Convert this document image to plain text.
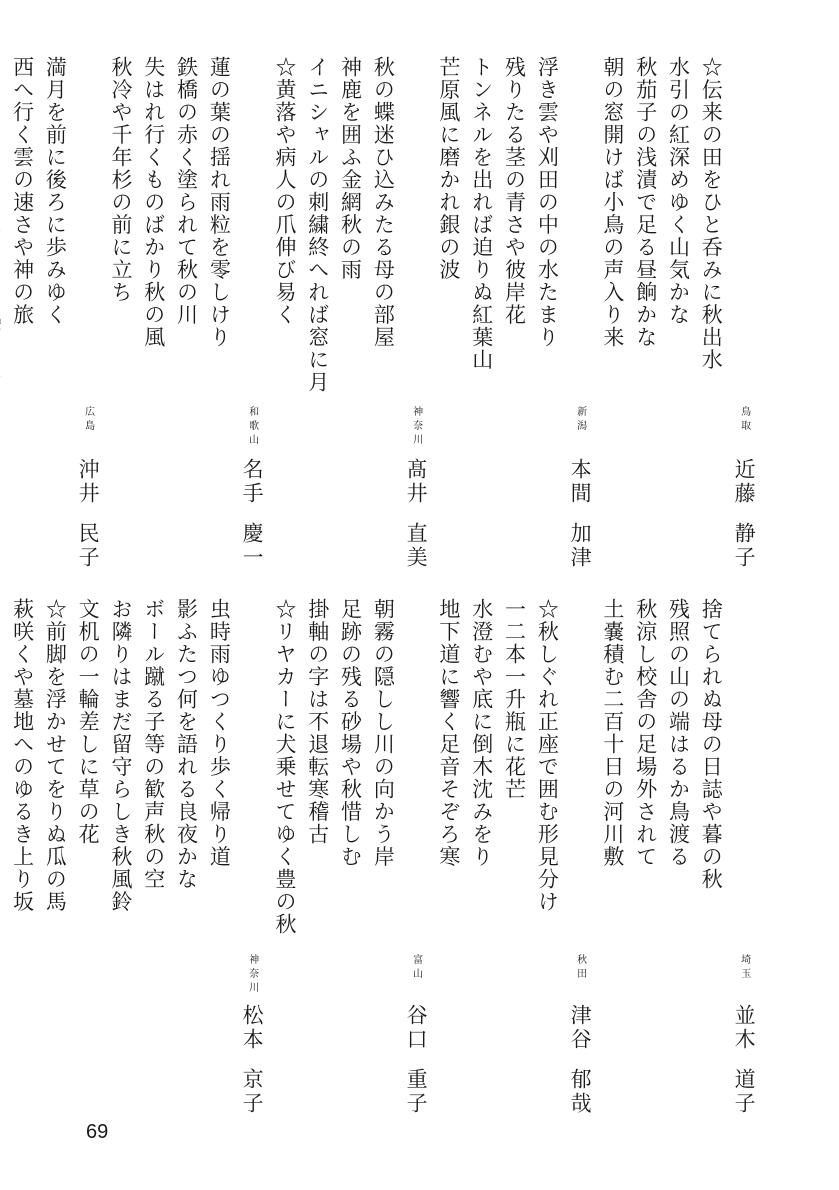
鳥取
近藤
静子
☆伝来の田をひと呑みに秋出水
水引の紅深めゆく山気かな
秋茄子の浅漬で足る昼餉かな
朝の窓開けば小鳥の声入り来
新潟
本間
加津
浮き雲や刈田の中の水たまり
残りたる茎の青さや彼岸花
トンネルを出れば迫りぬ紅葉山
芒原風に磨かれ銀の波
神奈川
髙井
直美
秋の蝶迷ひ込みたる母の部屋
神鹿を囲ふ金網秋の雨
イニシャルの刺繍終へれば窓に月
☆黄落や病人の爪伸び易く
和歌山
名手
慶一
蓮の葉の揺れ雨粒を零しけり
鉄橋の赤く塗られて秋の川
失はれ行くものばかり秋の風
秋冷や千年杉の前に立ち
広島
沖井
民子
満月を前に後ろに歩みゆく
西へ行く雲の速さや神の旅
埼玉
並木
道子
捨てられぬ母の日誌や暮の秋
残照の山の端はるか鳥渡る
秋涼し校舎の足場外されて
土嚢積む二百十日の河川敷
秋田
津谷
郁哉
☆秋しぐれ正座で囲む形見分け
一二本一升瓶に花芒
水澄むや底に倒木沈みをり
地下道に響く足音そぞろ寒
富山
谷口
重子
朝霧の隠しし川の向かう岸
足跡の残る砂場や秋惜しむ
掛軸の字は不退転寒稽古
☆リヤカーに犬乗せてゆく豊の秋
神奈川
松本
京子
虫時雨ゆつくり歩く帰り道
影ふたつ何を語れる良夜かな
ボール蹴る子等の歓声秋の空
お隣りはまだ留守らしき秋風鈴
文机の一輪差しに草の花
☆前脚を浮かせてをりぬ瓜の馬
萩咲くや墓地へのゆるき上り坂
69
